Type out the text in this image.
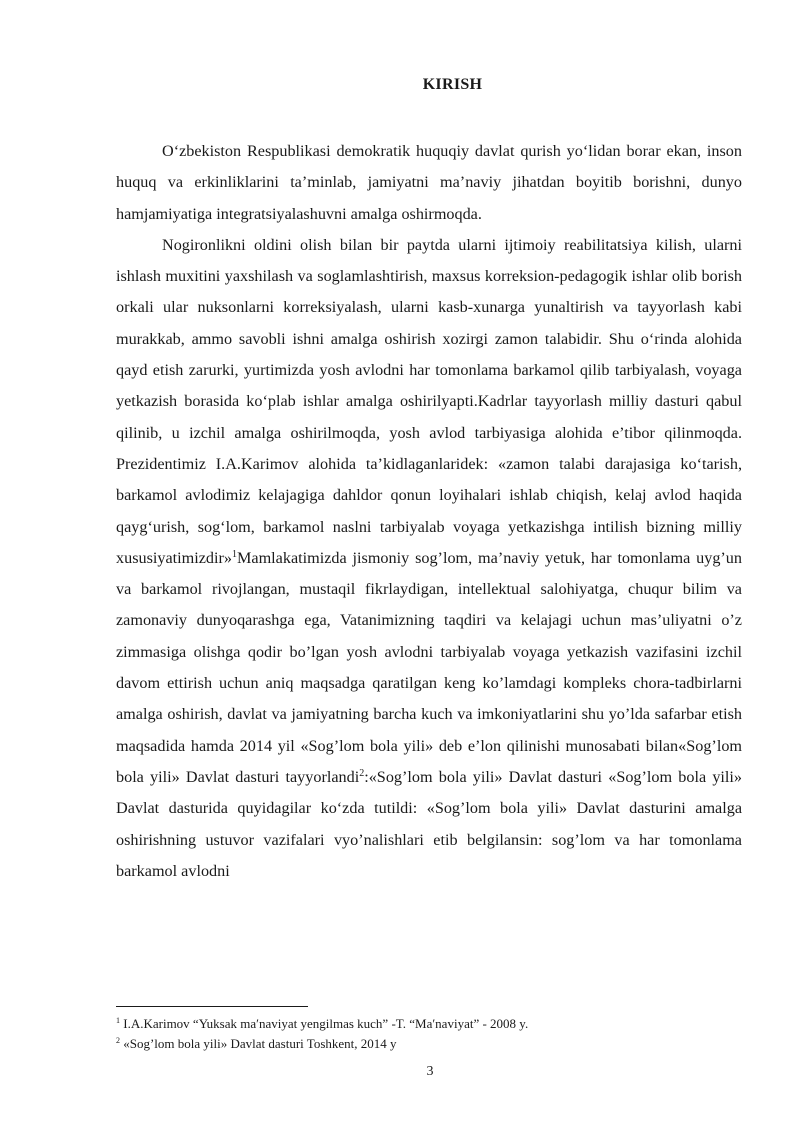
KIRISH

O‘zbekiston Respublikasi demokratik huquqiy davlat qurish yo‘lidan borar ekan, inson huquq va erkinliklarini ta’minlab, jamiyatni ma’naviy jihatdan boyitib borishni, dunyo hamjamiyatiga integratsiyalashuvni amalga oshirmoqda.

Nogironlikni oldini olish bilan bir paytda ularni ijtimoiy reabilitatsiya kilish, ularni ishlash muxitini yaxshilash va soglamlashtirish, maxsus korreksion-pedagogik ishlar olib borish orkali ular nuksonlarni korreksiyalash, ularni kasb-xunarga yunaltirish va tayyorlash kabi murakkab, ammo savobli ishni amalga oshirish xozirgi zamon talabidir. Shu o‘rinda alohida qayd etish zarurki, yurtimizda yosh avlodni har tomonlama barkamol qilib tarbiyalash, voyaga yetkazish borasida ko‘plab ishlar amalga oshirilyapti.Kadrlar tayyorlash milliy dasturi qabul qilinib, u izchil amalga oshirilmoqda, yosh avlod tarbiyasiga alohida e’tibor qilinmoqda. Prezidentimiz I.A.Karimov alohida ta’kidlaganlaridek: «zamon talabi darajasiga ko‘tarish, barkamol avlodimiz kelajagiga dahldor qonun loyihalari ishlab chiqish, kelaj avlod haqida qayg‘urish, sog‘lom, barkamol naslni tarbiyalab voyaga yetkazishga intilish bizning milliy xususiyatimizdir»$^1$Mamlakatimizda jismoniy sog’lom, ma’naviy yetuk, har tomonlama uyg’un va barkamol rivojlangan, mustaqil fikrlaydigan, intellektual salohiyatga, chuqur bilim va zamonaviy dunyoqarashga ega, Vatanimizning taqdiri va kelajagi uchun mas’uliyatni o’z zimmasiga olishga qodir bo’lgan yosh avlodni tarbiyalab voyaga yetkazish vazifasini izchil davom ettirish uchun aniq maqsadga qaratilgan keng ko’lamdagi kompleks chora-tadbirlarni amalga oshirish, davlat va jamiyatning barcha kuch va imkoniyatlarini shu yo’lda safarbar etish maqsadida hamda 2014 yil «Sog’lom bola yili» deb e’lon qilinishi munosabati bilan«Sog’lom bola yili» Davlat dasturi tayyorlandi$^2$:«Sog’lom bola yili» Davlat dasturi «Sog’lom bola yili» Davlat dasturida quyidagilar ko‘zda tutildi: «Sog’lom bola yili» Davlat dasturini amalga oshirishning ustuvor vazifalari vyo’nalishlari etib belgilansin: sog’lom va har tomonlama barkamol avlodni

$^1$ I.A.Karimov “Yuksak maʹnaviyat yengilmas kuch” -T. “Maʹnaviyat” - 2008 y.
$^2$ «Sog’lom bola yili» Davlat dasturi Toshkent, 2014 y
3
